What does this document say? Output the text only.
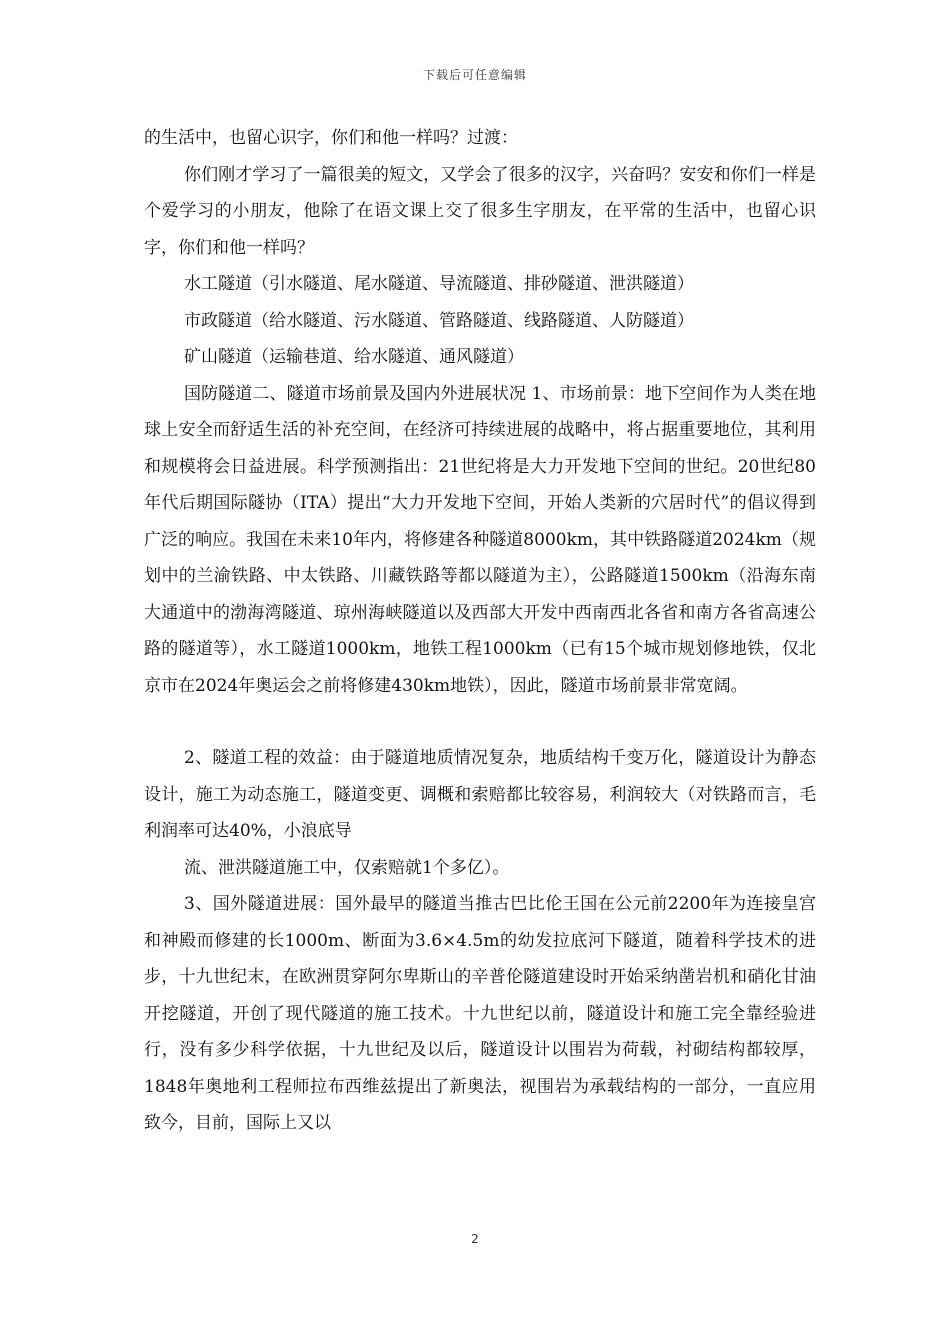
下载后可任意编辑

的生活中，也留心识字，你们和他一样吗？过渡：

你们刚才学习了一篇很美的短文，又学会了很多的汉字，兴奋吗？安安和你们一样是个爱学习的小朋友，他除了在语文课上交了很多生字朋友，在平常的生活中，也留心识字，你们和他一样吗？

水工隧道（引水隧道、尾水隧道、导流隧道、排砂隧道、泄洪隧道）

市政隧道（给水隧道、污水隧道、管路隧道、线路隧道、人防隧道）

矿山隧道（运输巷道、给水隧道、通风隧道）

国防隧道二、隧道市场前景及国内外进展状况 1、市场前景：地下空间作为人类在地球上安全而舒适生活的补充空间，在经济可持续进展的战略中，将占据重要地位，其利用和规模将会日益进展。科学预测指出：21世纪将是大力开发地下空间的世纪。20世纪80年代后期国际隧协（ITA）提出“大力开发地下空间，开始人类新的穴居时代”的倡议得到广泛的响应。我国在未来10年内，将修建各种隧道8000km，其中铁路隧道2024km（规划中的兰渝铁路、中太铁路、川藏铁路等都以隧道为主），公路隧道1500km（沿海东南大通道中的渤海湾隧道、琼州海峡隧道以及西部大开发中西南西北各省和南方各省高速公路的隧道等），水工隧道1000km，地铁工程1000km（已有15个城市规划修地铁，仅北京市在2024年奥运会之前将修建430km地铁），因此，隧道市场前景非常宽阔。

2、隧道工程的效益：由于隧道地质情况复杂，地质结构千变万化，隧道设计为静态设计，施工为动态施工，隧道变更、调概和索赔都比较容易，利润较大（对铁路而言，毛利润率可达40%，小浪底导

流、泄洪隧道施工中，仅索赔就1个多亿）。

3、国外隧道进展：国外最早的隧道当推古巴比伦王国在公元前2200年为连接皇宫和神殿而修建的长1000m、断面为3.6×4.5m的幼发拉底河下隧道，随着科学技术的进步，十九世纪末，在欧洲贯穿阿尔卑斯山的辛普伦隧道建设时开始采纳凿岩机和硝化甘油开挖隧道，开创了现代隧道的施工技术。十九世纪以前，隧道设计和施工完全靠经验进行，没有多少科学依据，十九世纪及以后，隧道设计以围岩为荷载，衬砌结构都较厚，1848年奥地利工程师拉布西维兹提出了新奥法，视围岩为承载结构的一部分，一直应用致今，目前，国际上又以

2
